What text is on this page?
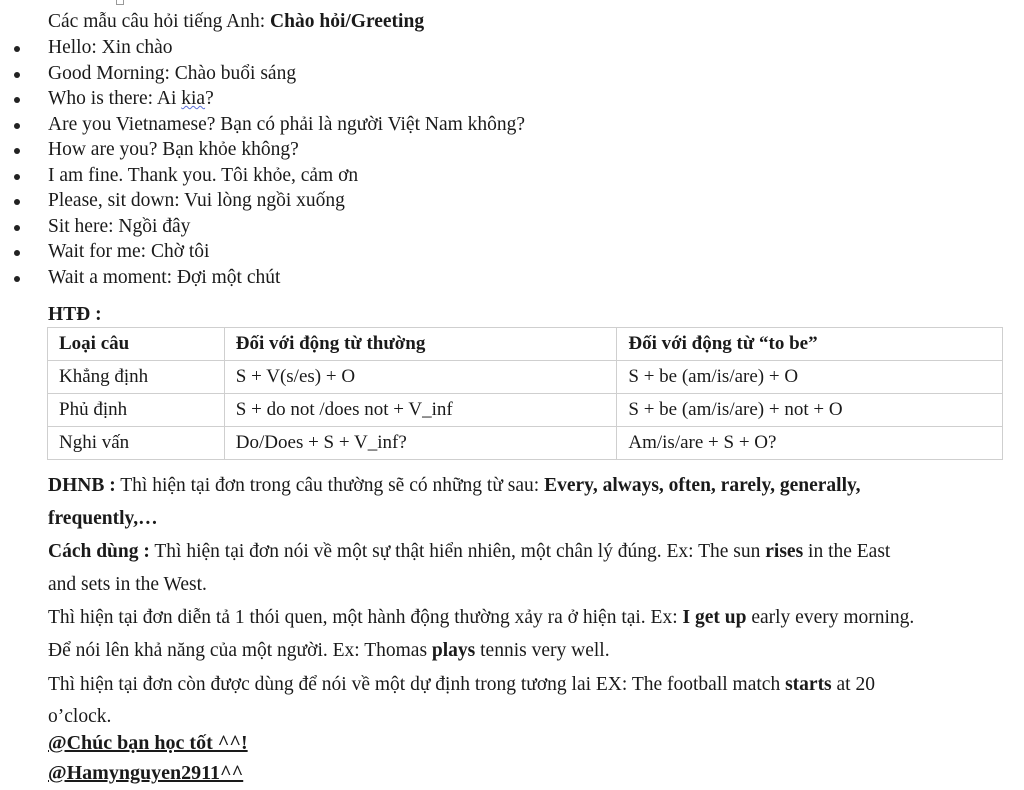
Các mẫu câu hỏi tiếng Anh: Chào hỏi/Greeting
Hello: Xin chào
Good Morning: Chào buổi sáng
Who is there: Ai kia?
Are you Vietnamese? Bạn có phải là người Việt Nam không?
How are you? Bạn khỏe không?
I am fine. Thank you. Tôi khỏe, cảm ơn
Please, sit down: Vui lòng ngồi xuống
Sit here: Ngồi đây
Wait for me: Chờ tôi
Wait a moment: Đợi một chút
HTĐ :
Loại câu	Đối với động từ thường	Đối với động từ “to be”
Khẳng định	S + V(s/es) + O	S + be (am/is/are) + O
Phủ định	S + do not /does not + V_inf	S + be (am/is/are) + not + O
Nghi vấn	Do/Does + S + V_inf?	Am/is/are + S + O?
DHNB : Thì hiện tại đơn trong câu thường sẽ có những từ sau: Every, always, often, rarely, generally,
frequently,…
Cách dùng : Thì hiện tại đơn nói về một sự thật hiển nhiên, một chân lý đúng. Ex: The sun rises in the East
and sets in the West.
Thì hiện tại đơn diễn tả 1 thói quen, một hành động thường xảy ra ở hiện tại. Ex: I get up early every morning.
Để nói lên khả năng của một người. Ex: Thomas plays tennis very well.
Thì hiện tại đơn còn được dùng để nói về một dự định trong tương lai EX: The football match starts at 20
o’clock.
@Chúc bạn học tốt ^^!
@Hamynguyen2911^^
